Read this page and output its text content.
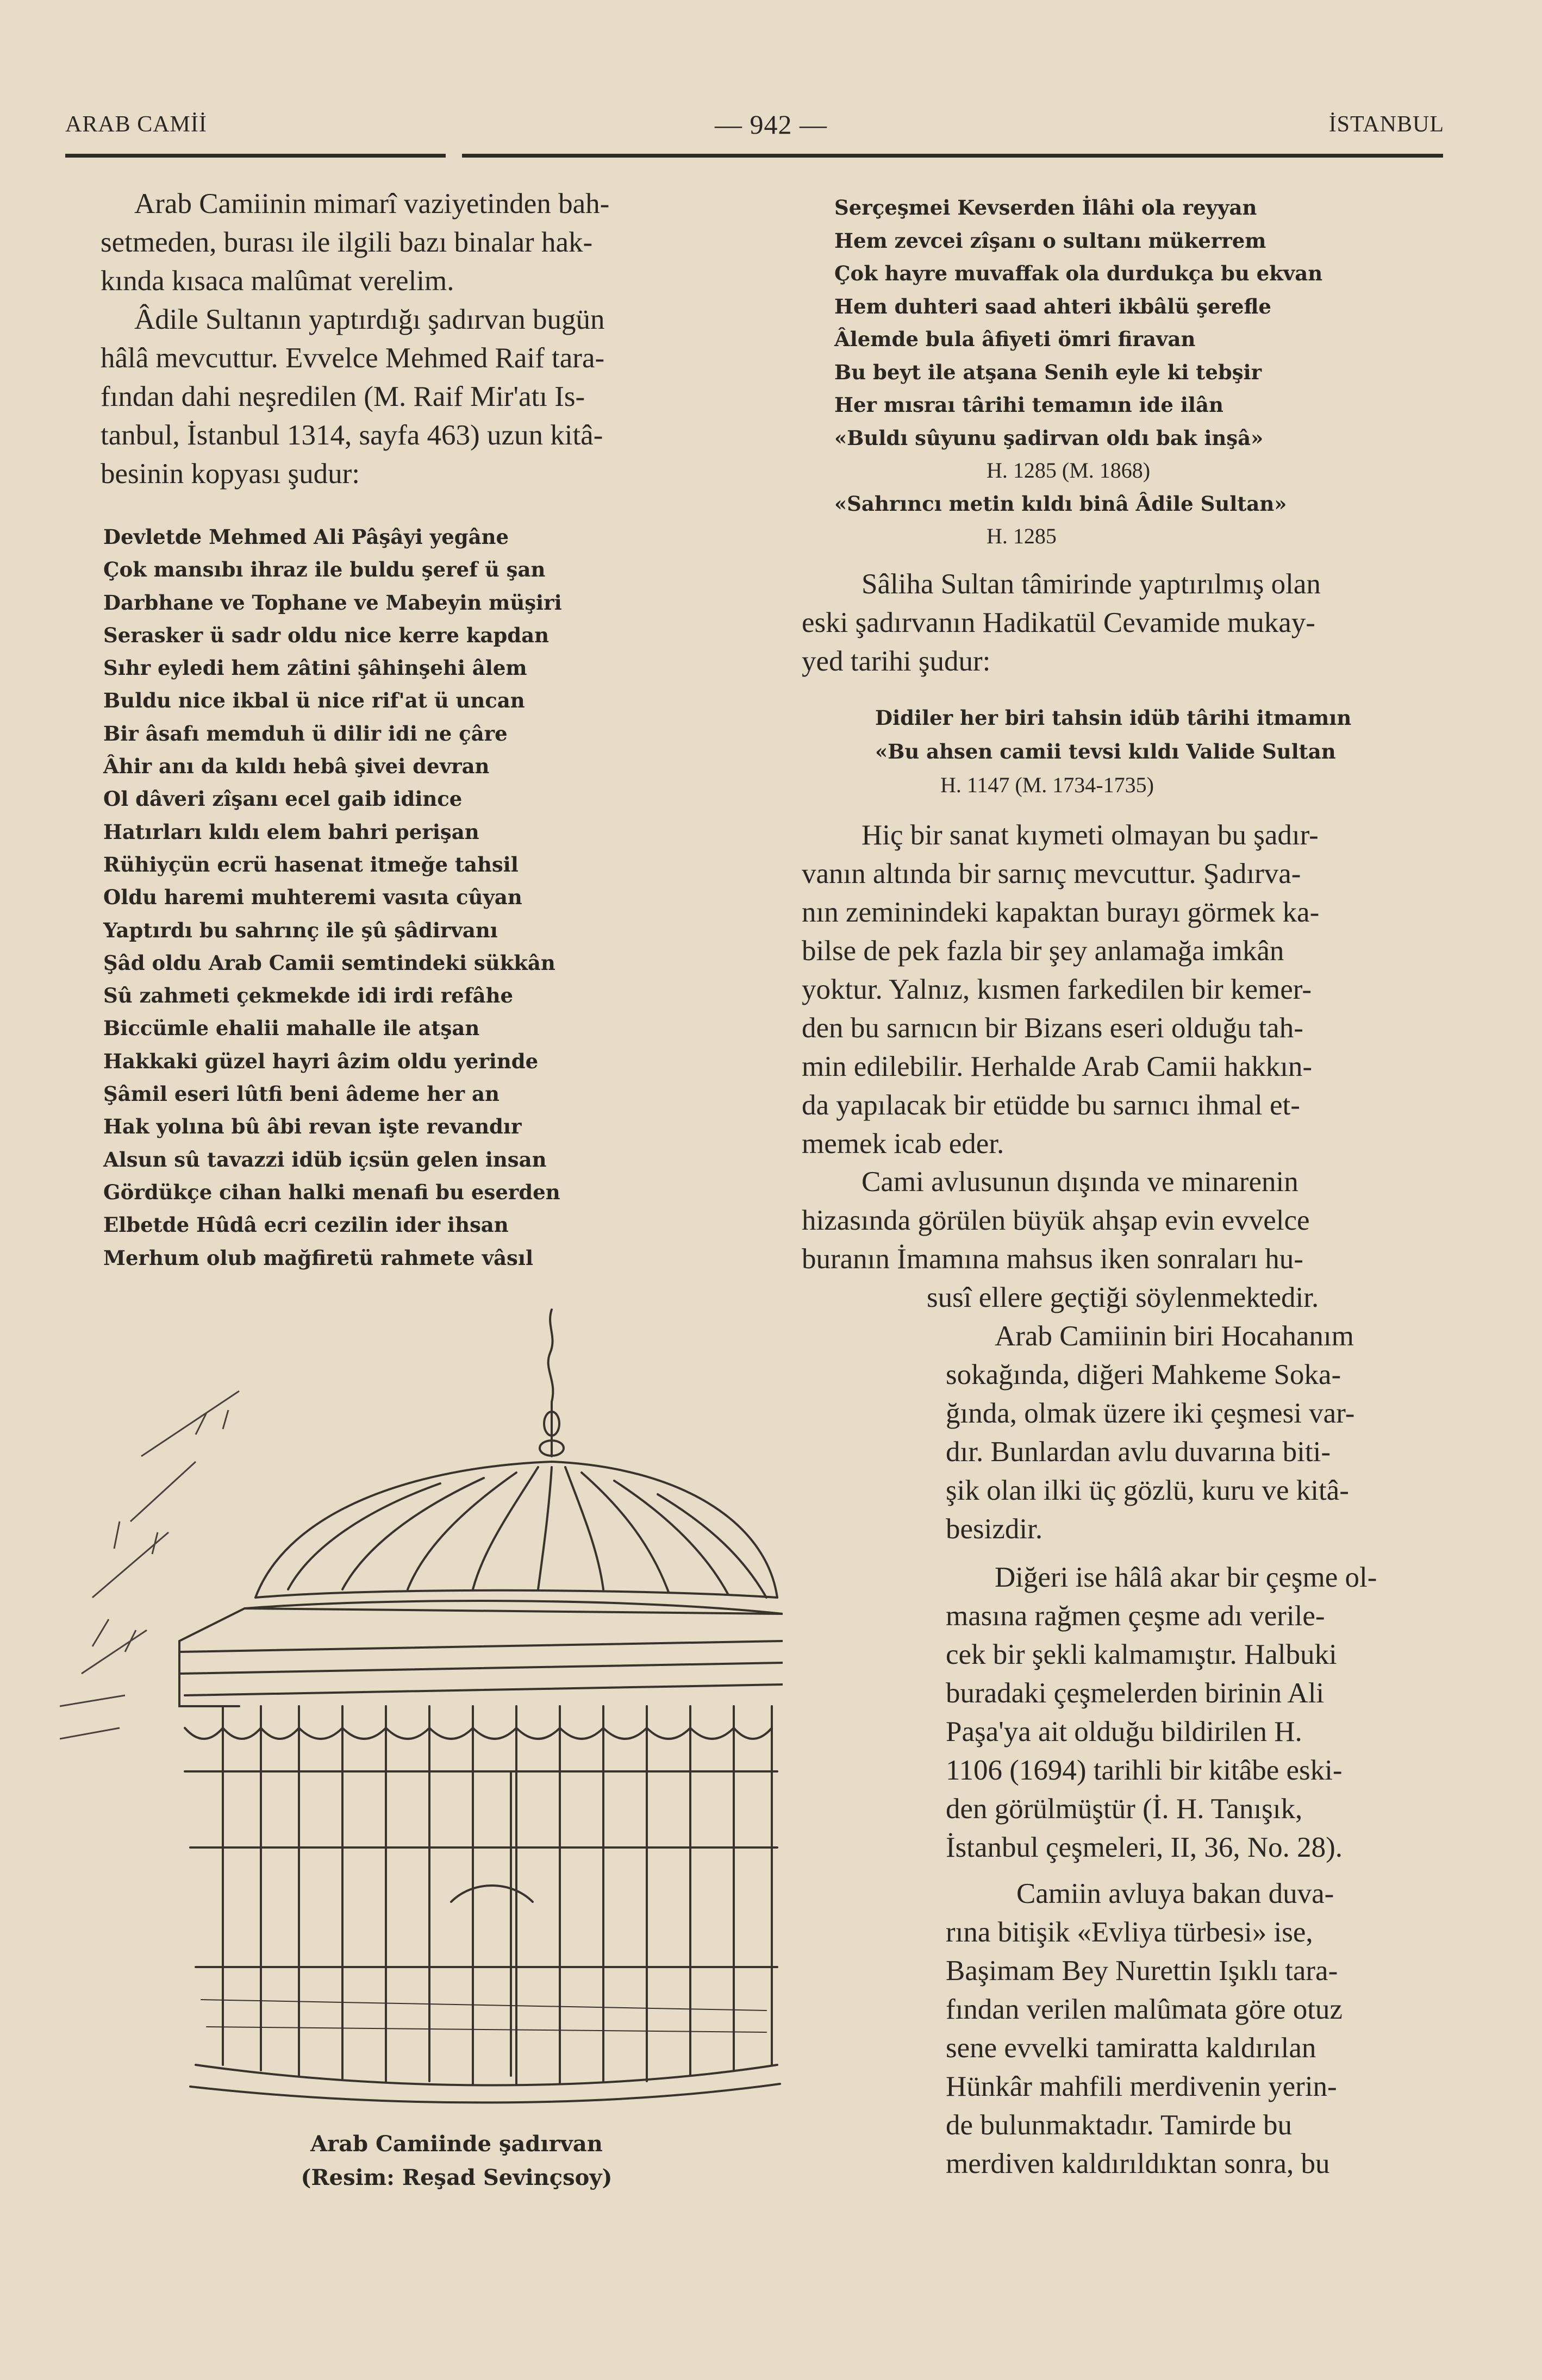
ARAB CAMİİ	— 942 —	İSTANBUL
Arab Camiinin mimarî vaziyetinden bah-
setmeden, burası ile ilgili bazı binalar hak-
kında kısaca malûmat verelim.
Âdile Sultanın yaptırdığı şadırvan bugün
hâlâ mevcuttur. Evvelce Mehmed Raif tara-
fından dahi neşredilen (M. Raif Mir'atı Is-
tanbul, İstanbul 1314, sayfa 463) uzun kitâ-
besinin kopyası şudur:
Devletde Mehmed Ali Pâşâyi yegâne
Çok mansıbı ihraz ile buldu şeref ü şan
Darbhane ve Tophane ve Mabeyin müşiri
Serasker ü sadr oldu nice kerre kapdan
Sıhr eyledi hem zâtini şâhinşehi âlem
Buldu nice ikbal ü nice rif'at ü uncan
Bir âsafı memduh ü dilir idi ne çâre
Âhir anı da kıldı hebâ şivei devran
Ol dâveri zîşanı ecel gaib idince
Hatırları kıldı elem bahri perişan
Rühiyçün ecrü hasenat itmeğe tahsil
Oldu haremi muhteremi vasıta cûyan
Yaptırdı bu sahrınç ile şû şâdirvanı
Şâd oldu Arab Camii semtindeki sükkân
Sû zahmeti çekmekde idi irdi refâhe
Biccümle ehalii mahalle ile atşan
Hakkaki güzel hayri âzim oldu yerinde
Şâmil eseri lûtfi beni âdeme her an
Hak yolına bû âbi revan işte revandır
Alsun sû tavazzi idüb içsün gelen insan
Gördükçe cihan halki menafi bu eserden
Elbetde Hûdâ ecri cezilin ider ihsan
Merhum olub mağfiretü rahmete vâsıl
Arab Camiinde şadırvan
(Resim: Reşad Sevinçsoy)
Serçeşmei Kevserden İlâhi ola reyyan
Hem zevcei zîşanı o sultanı mükerrem
Çok hayre muvaffak ola durdukça bu ekvan
Hem duhteri saad ahteri ikbâlü şerefle
Âlemde bula âfiyeti ömri firavan
Bu beyt ile atşana Senih eyle ki tebşir
Her mısraı târihi temamın ide ilân
«Buldı sûyunu şadirvan oldı bak inşâ»
H. 1285 (M. 1868)
«Sahrıncı metin kıldı binâ Âdile Sultan»
H. 1285
Sâliha Sultan tâmirinde yaptırılmış olan
eski şadırvanın Hadikatül Cevamide mukay-
yed tarihi şudur:
Didiler her biri tahsin idüb târihi itmamın
«Bu ahsen camii tevsi kıldı Valide Sultan
H. 1147 (M. 1734-1735)
Hiç bir sanat kıymeti olmayan bu şadır-
vanın altında bir sarnıç mevcuttur. Şadırva-
nın zeminindeki kapaktan burayı görmek ka-
bilse de pek fazla bir şey anlamağa imkân
yoktur. Yalnız, kısmen farkedilen bir kemer-
den bu sarnıcın bir Bizans eseri olduğu tah-
min edilebilir. Herhalde Arab Camii hakkın-
da yapılacak bir etüdde bu sarnıcı ihmal et-
memek icab eder.
Cami avlusunun dışında ve minarenin
hizasında görülen büyük ahşap evin evvelce
buranın İmamına mahsus iken sonraları hu-
susî ellere geçtiği söylenmektedir.
Arab Camiinin biri Hocahanım
sokağında, diğeri Mahkeme Soka-
ğında, olmak üzere iki çeşmesi var-
dır. Bunlardan avlu duvarına biti-
şik olan ilki üç gözlü, kuru ve kitâ-
besizdir.
Diğeri ise hâlâ akar bir çeşme ol-
masına rağmen çeşme adı verile-
cek bir şekli kalmamıştır. Halbuki
buradaki çeşmelerden birinin Ali
Paşa'ya ait olduğu bildirilen H.
1106 (1694) tarihli bir kitâbe eski-
den görülmüştür (İ. H. Tanışık,
İstanbul çeşmeleri, II, 36, No. 28).
Camiin avluya bakan duva-
rına bitişik «Evliya türbesi» ise,
Başimam Bey Nurettin Işıklı tara-
fından verilen malûmata göre otuz
sene evvelki tamiratta kaldırılan
Hünkâr mahfili merdivenin yerin-
de bulunmaktadır. Tamirde bu
merdiven kaldırıldıktan sonra, bu
